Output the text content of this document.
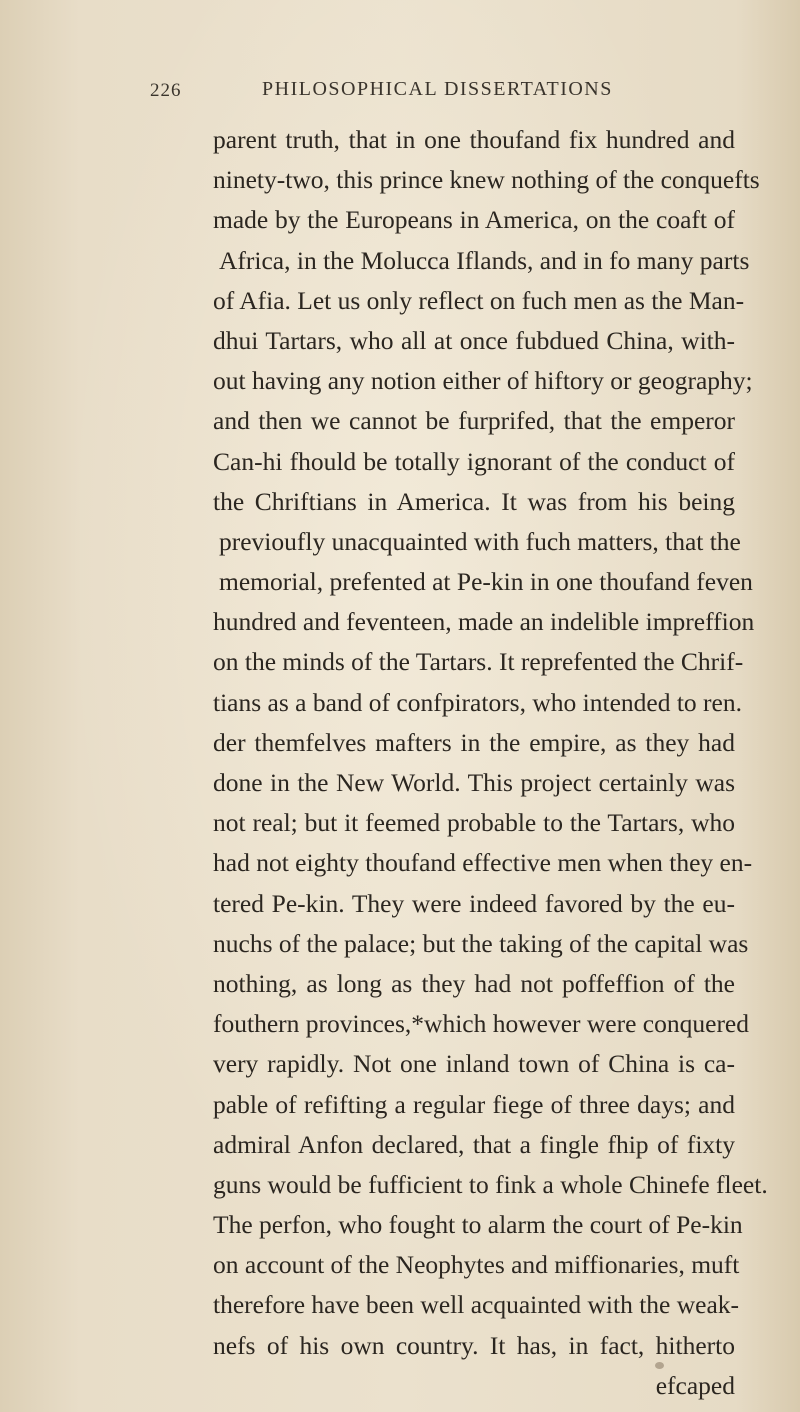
226	PHILOSOPHICAL DISSERTATIONS
parent truth, that in one thoufand fix hundred and
ninety-two, this prince knew nothing of the conquefts
made by the Europeans in America, on the coaft of
Africa, in the Molucca Iflands, and in fo many parts
of Afia. Let us only reflect on fuch men as the Man-
dhui Tartars, who all at once fubdued China, with-
out having any notion either of hiftory or geography;
and then we cannot be furprifed, that the emperor
Can-hi fhould be totally ignorant of the conduct of
the Chriftians in America. It was from his being
previoufly unacquainted with fuch matters, that the
memorial, prefented at Pe-kin in one thoufand feven
hundred and feventeen, made an indelible impreffion
on the minds of the Tartars. It reprefented the Chrif-
tians as a band of confpirators, who intended to ren.
der themfelves mafters in the empire, as they had
done in the New World. This project certainly was
not real; but it feemed probable to the Tartars, who
had not eighty thoufand effective men when they en-
tered Pe-kin. They were indeed favored by the eu-
nuchs of the palace; but the taking of the capital was
nothing, as long as they had not poffeffion of the
fouthern provinces,*which however were conquered
very rapidly. Not one inland town of China is ca-
pable of refifting a regular fiege of three days; and
admiral Anfon declared, that a fingle fhip of fixty
guns would be fufficient to fink a whole Chinefe fleet.
The perfon, who fought to alarm the court of Pe-kin
on account of the Neophytes and miffionaries, muft
therefore have been well acquainted with the weak-
nefs of his own country. It has, in fact, hitherto
efcaped
